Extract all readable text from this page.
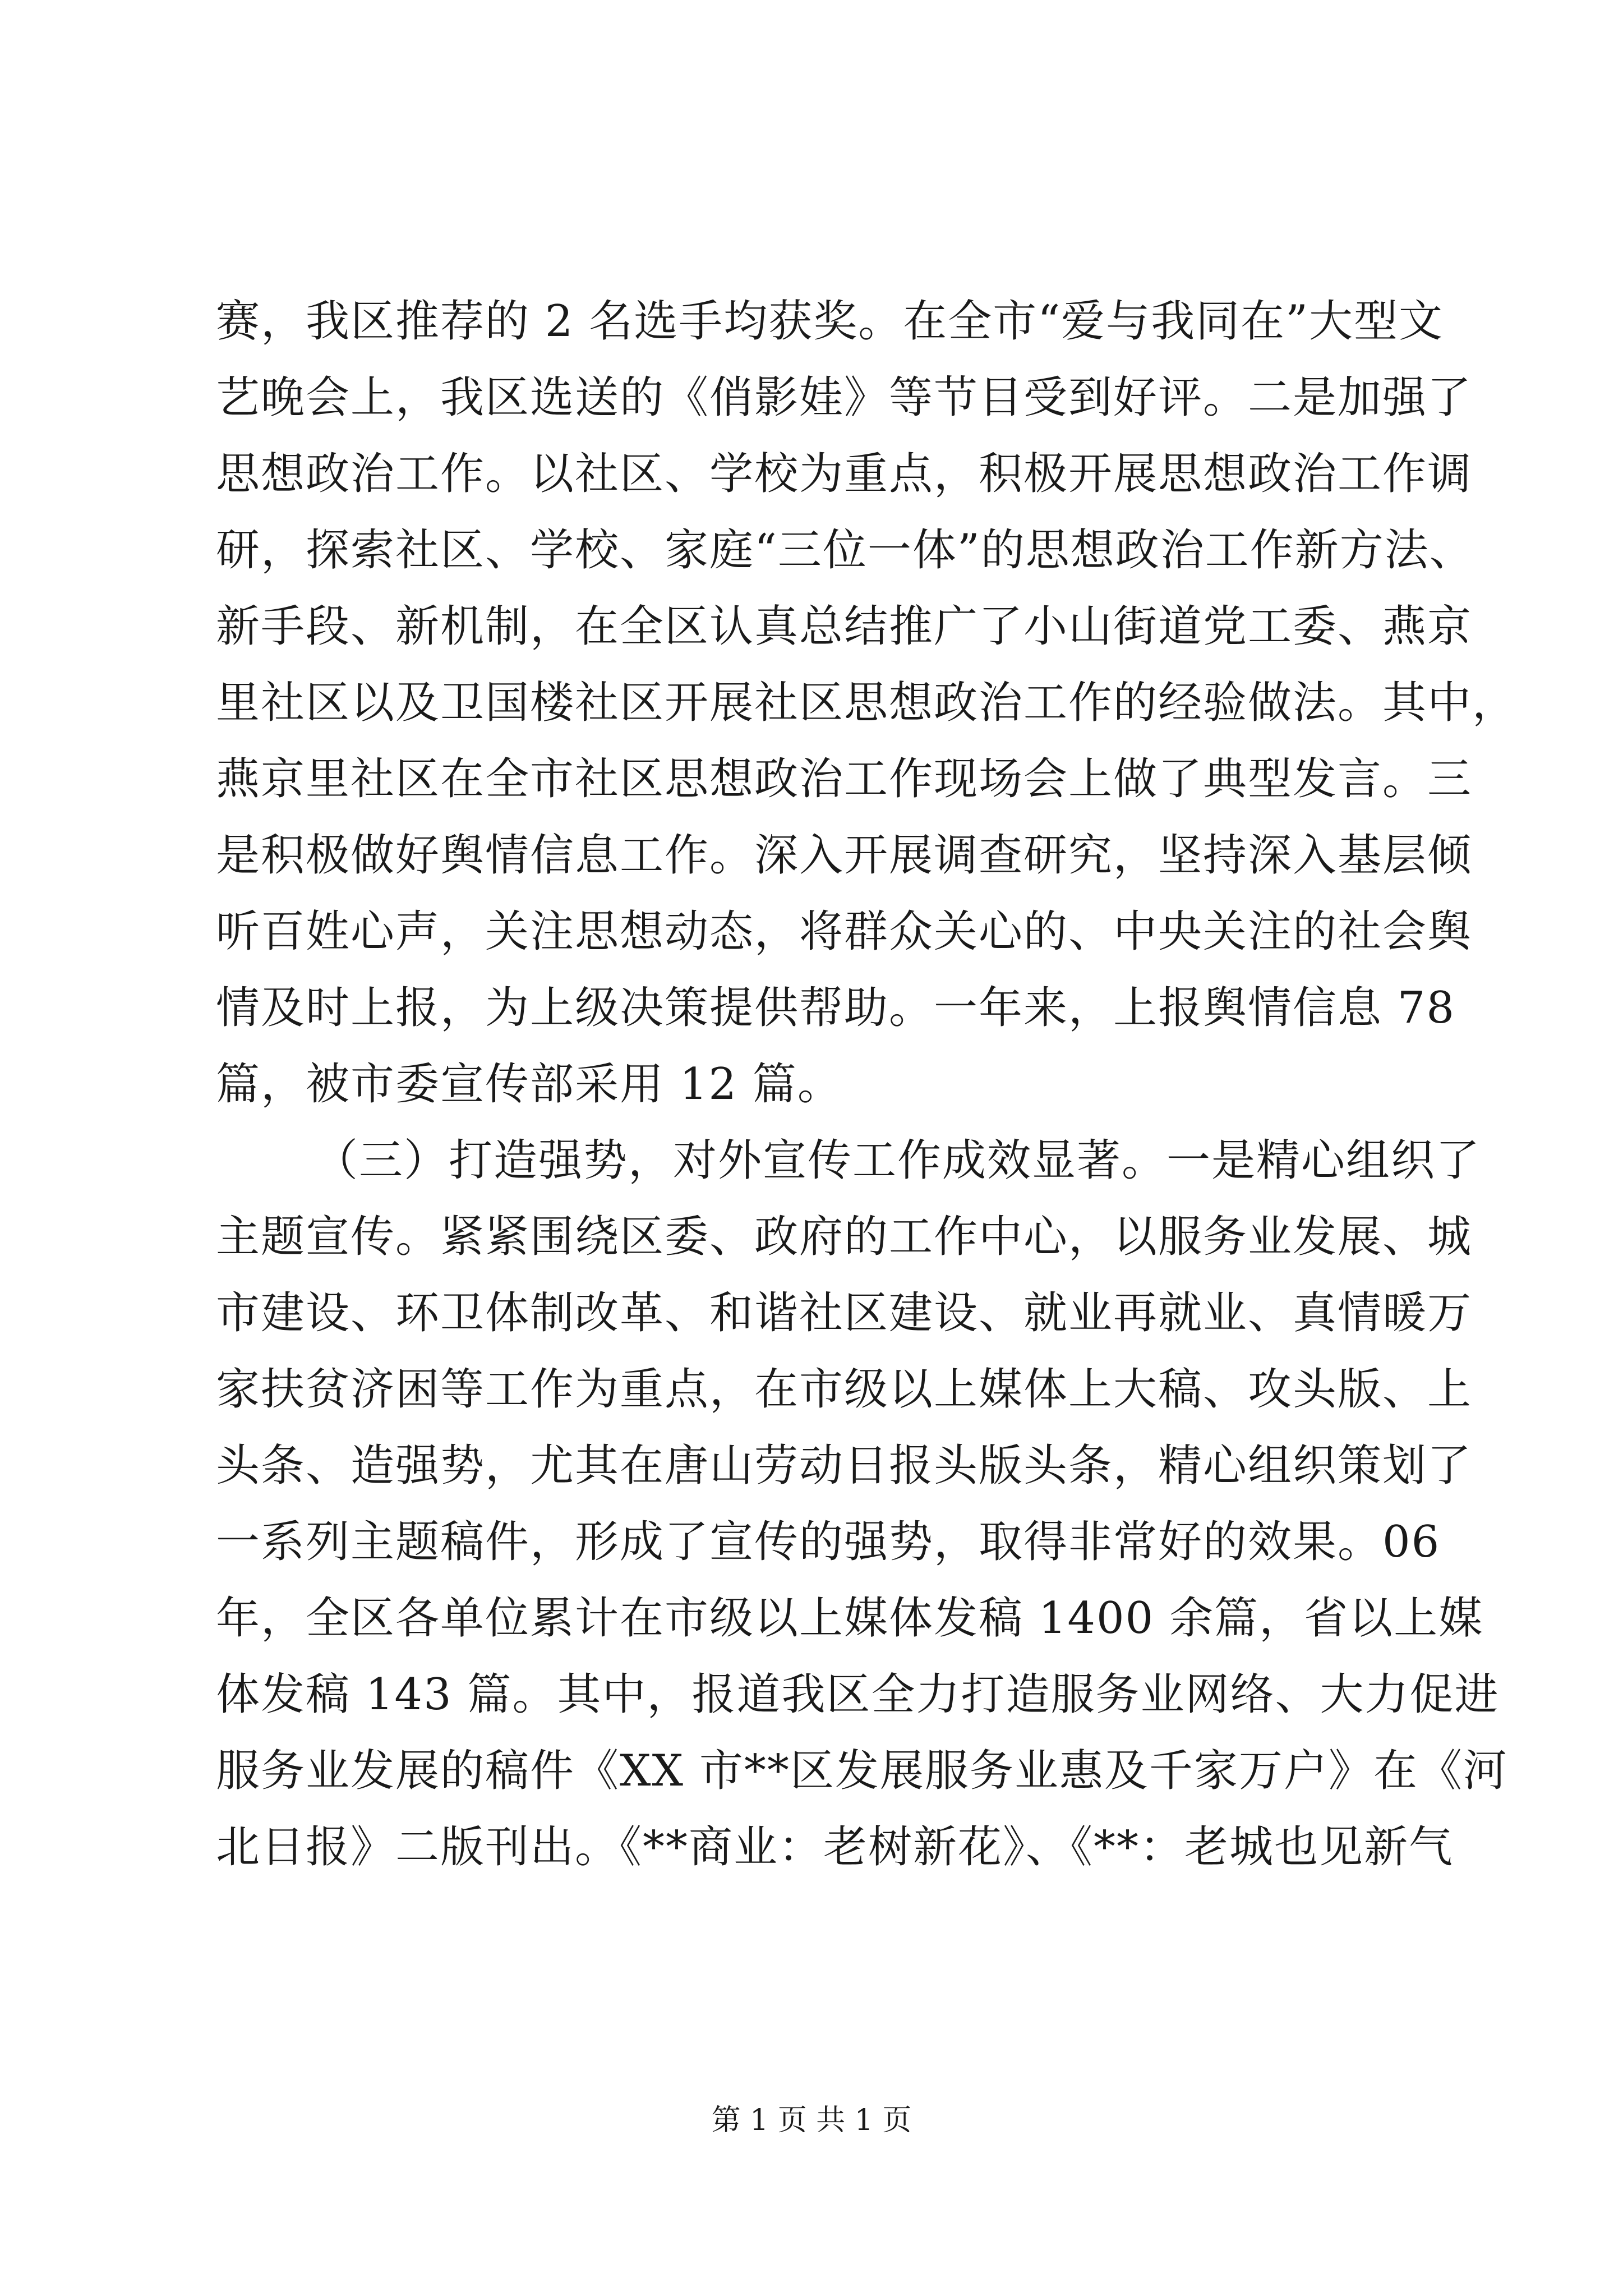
赛，我区推荐的 2 名选手均获奖。在全市“爱与我同在”大型文
艺晚会上，我区选送的《俏影娃》等节目受到好评。二是加强了
思想政治工作。以社区、学校为重点，积极开展思想政治工作调
研，探索社区、学校、家庭“三位一体”的思想政治工作新方法、
新手段、新机制，在全区认真总结推广了小山街道党工委、燕京
里社区以及卫国楼社区开展社区思想政治工作的经验做法。其中，
燕京里社区在全市社区思想政治工作现场会上做了典型发言。三
是积极做好舆情信息工作。深入开展调查研究，坚持深入基层倾
听百姓心声，关注思想动态，将群众关心的、中央关注的社会舆
情及时上报，为上级决策提供帮助。一年来，上报舆情信息 78
篇，被市委宣传部采用 12 篇。
（三）打造强势，对外宣传工作成效显著。一是精心组织了
主题宣传。紧紧围绕区委、政府的工作中心，以服务业发展、城
市建设、环卫体制改革、和谐社区建设、就业再就业、真情暖万
家扶贫济困等工作为重点，在市级以上媒体上大稿、攻头版、上
头条、造强势，尤其在唐山劳动日报头版头条，精心组织策划了
一系列主题稿件，形成了宣传的强势，取得非常好的效果。06
年，全区各单位累计在市级以上媒体发稿 1400 余篇，省以上媒
体发稿 143 篇。其中，报道我区全力打造服务业网络、大力促进
服务业发展的稿件《XX 市**区发展服务业惠及千家万户》在《河
北日报》二版刊出。《**商业：老树新花》、《**：老城也见新气
第 1 页 共 1 页
